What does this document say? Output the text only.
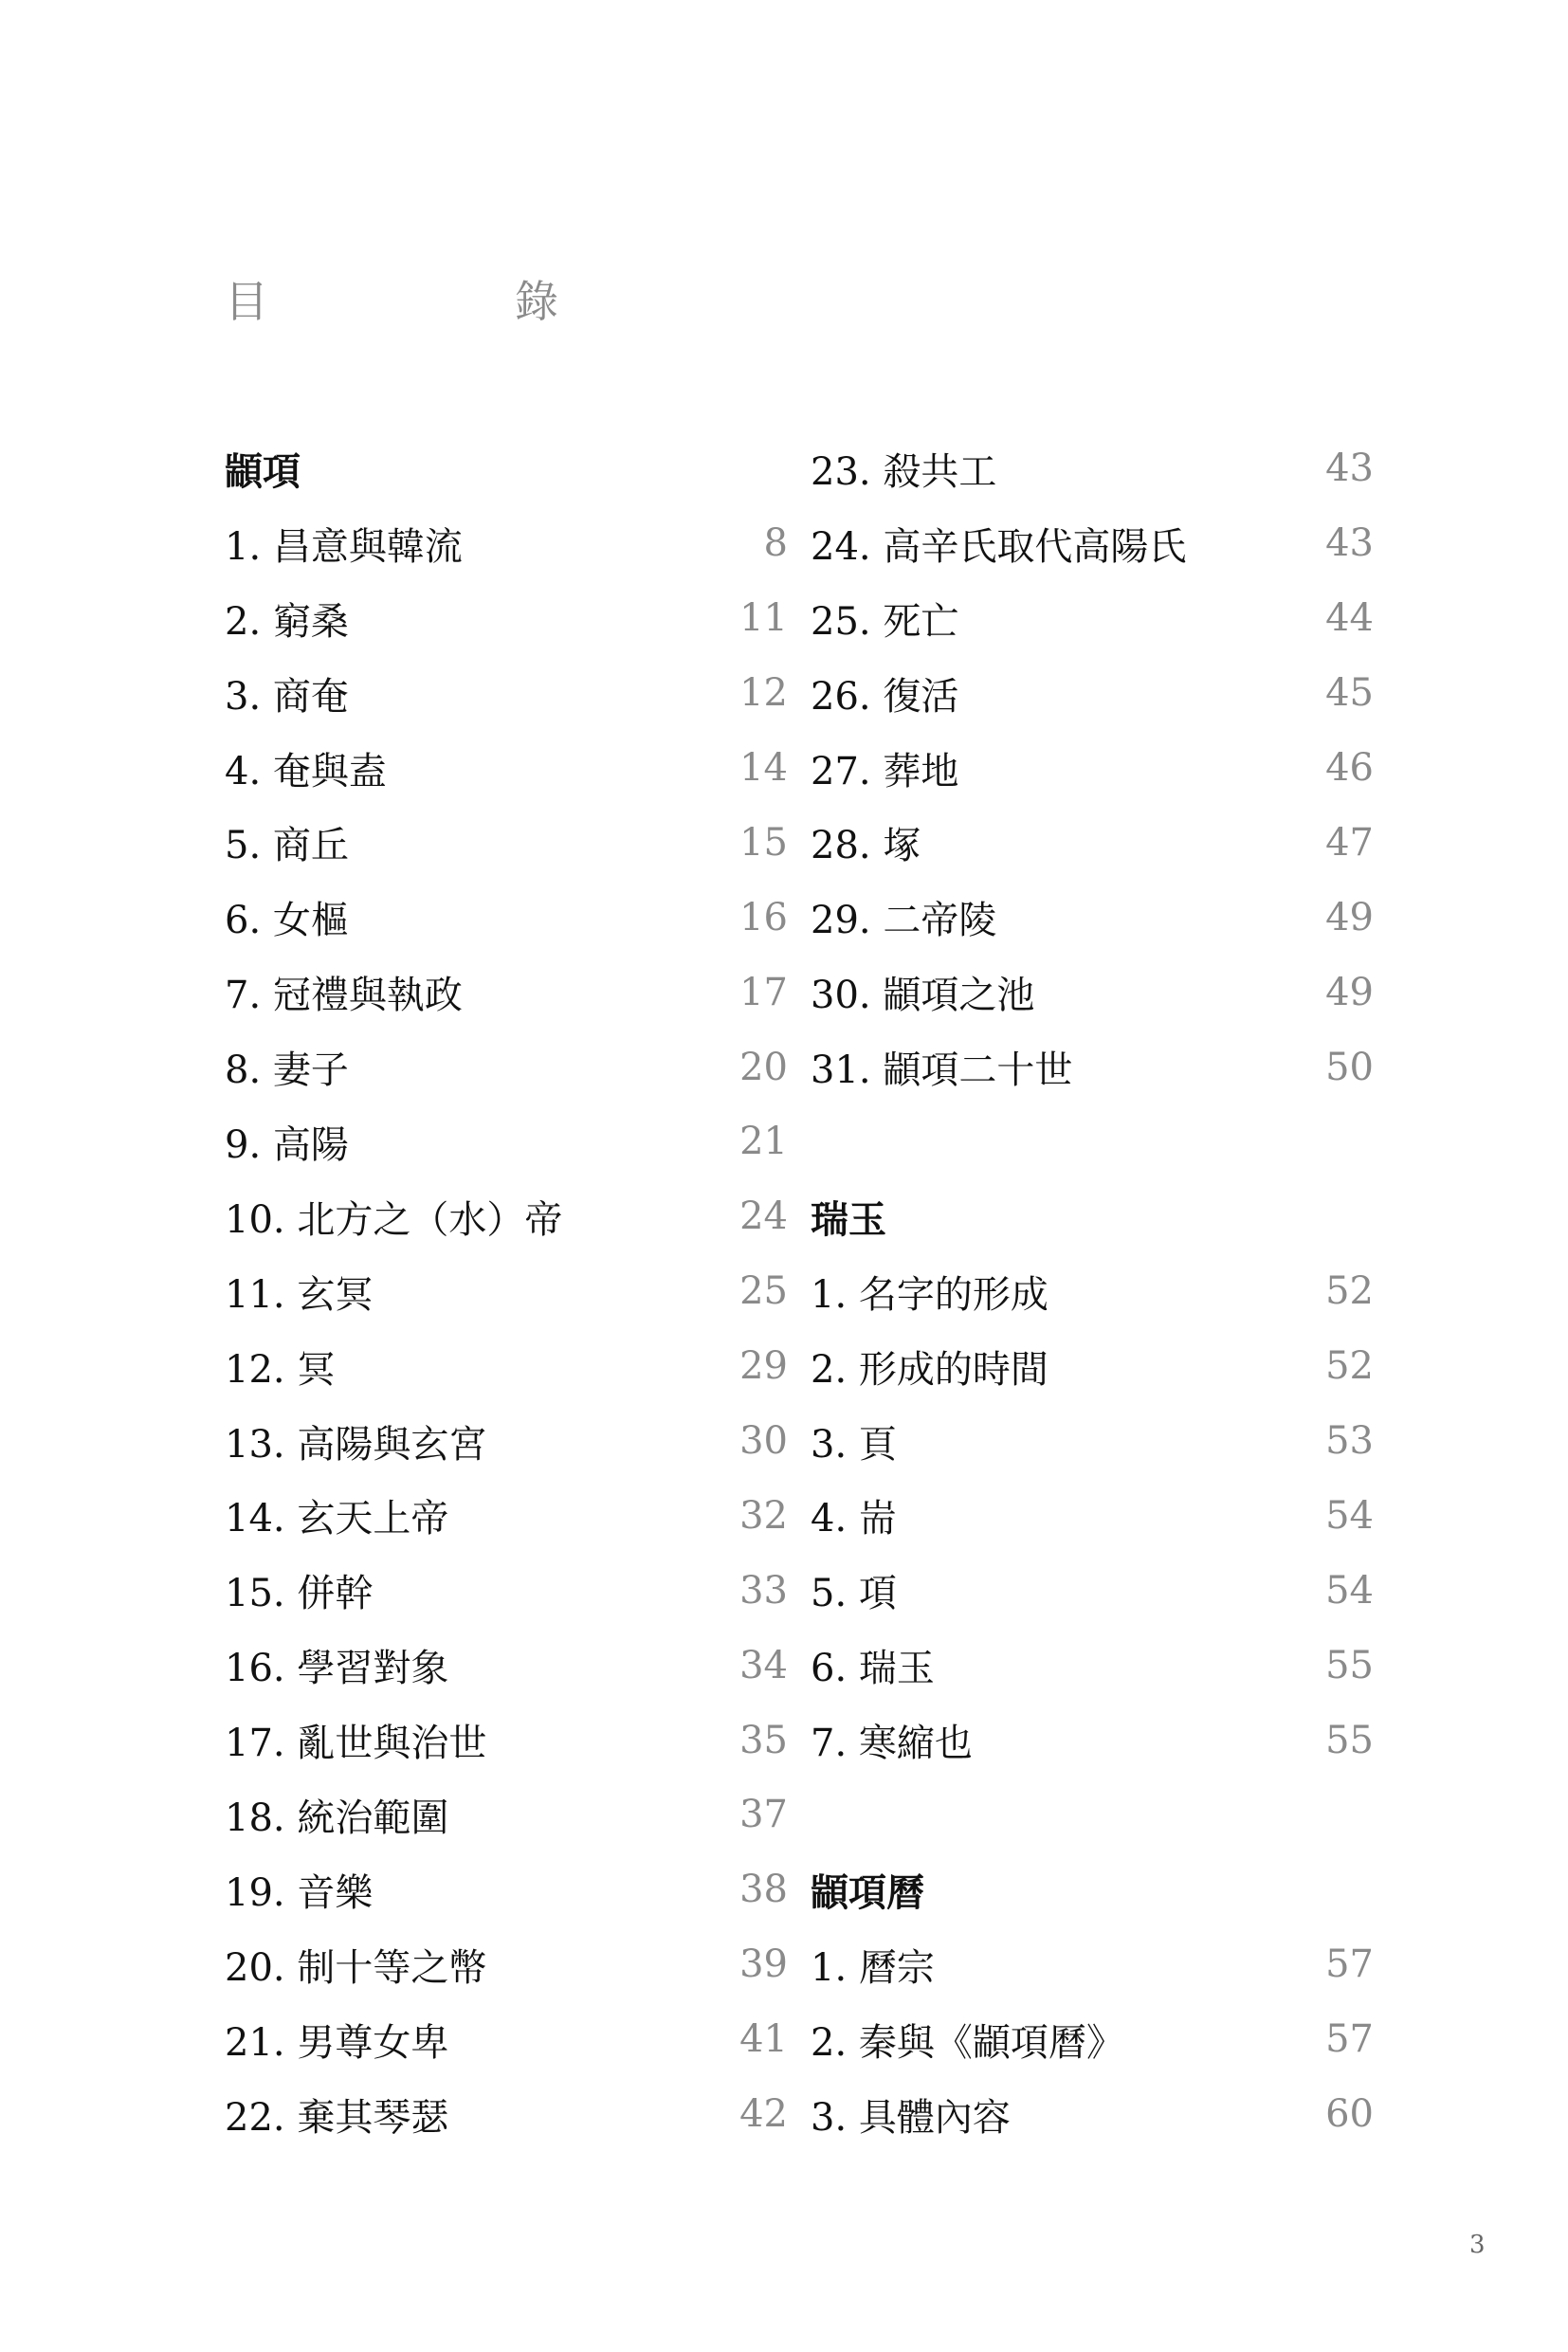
目	錄
顓項
1. 昌意與韓流	8
2. 窮桑	11
3. 商奄	12
4. 奄與盍	14
5. 商丘	15
6. 女樞	16
7. 冠禮與執政	17
8. 妻子	20
9. 高陽	21
10. 北方之（水）帝	24
11. 玄冥	25
12. 冥	29
13. 高陽與玄宮	30
14. 玄天上帝	32
15. 併幹	33
16. 學習對象	34
17. 亂世與治世	35
18. 統治範圍	37
19. 音樂	38
20. 制十等之幣	39
21. 男尊女卑	41
22. 棄其琴瑟	42
23. 殺共工	43
24. 高辛氏取代高陽氏	43
25. 死亡	44
26. 復活	45
27. 葬地	46
28. 塚	47
29. 二帝陵	49
30. 顓項之池	49
31. 顓項二十世	50
瑞玉
1. 名字的形成	52
2. 形成的時間	52
3. 頁	53
4. 耑	54
5. 項	54
6. 瑞玉	55
7. 寒縮也	55
顓項曆
1. 曆宗	57
2. 秦與《顓項曆》	57
3. 具體內容	60
3
